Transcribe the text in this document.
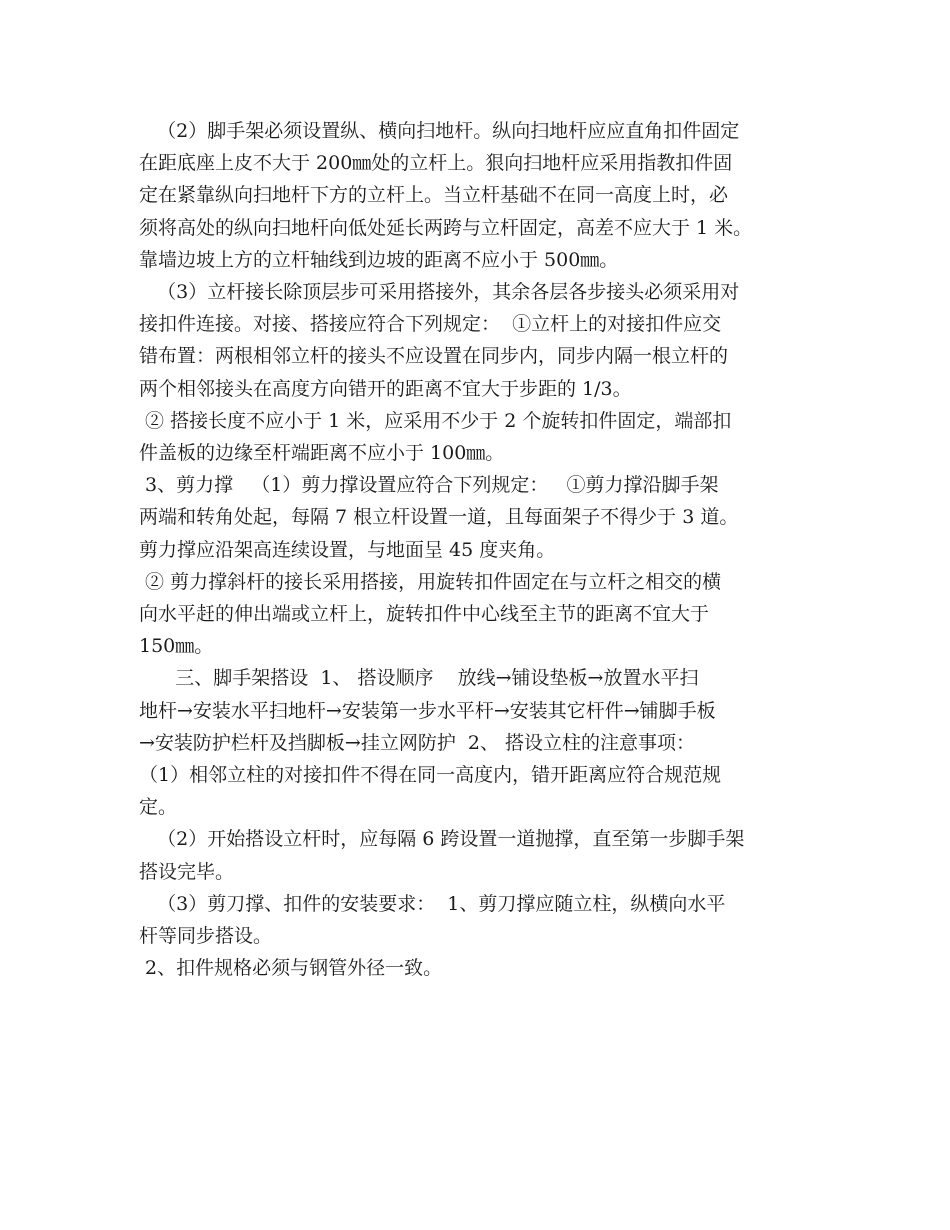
（2）脚手架必须设置纵、横向扫地杆。纵向扫地杆应应直角扣件固定

在距底座上皮不大于 200㎜处的立杆上。狠向扫地杆应采用指教扣件固

定在紧靠纵向扫地杆下方的立杆上。当立杆基础不在同一高度上时，必

须将高处的纵向扫地杆向低处延长两跨与立杆固定，高差不应大于 1 米。

靠墙边坡上方的立杆轴线到边坡的距离不应小于 500㎜。

（3）立杆接长除顶层步可采用搭接外，其余各层各步接头必须采用对

接扣件连接。对接、搭接应符合下列规定：  ①立杆上的对接扣件应交

错布置：两根相邻立杆的接头不应设置在同步内，同步内隔一根立杆的

两个相邻接头在高度方向错开的距离不宜大于步距的 1/3。

② 搭接长度不应小于 1 米，应采用不少于 2 个旋转扣件固定，端部扣

件盖板的边缘至杆端距离不应小于 100㎜。

3、剪力撑   （1）剪力撑设置应符合下列规定：   ①剪力撑沿脚手架

两端和转角处起，每隔 7 根立杆设置一道，且每面架子不得少于 3 道。

剪力撑应沿架高连续设置，与地面呈 45 度夹角。

② 剪力撑斜杆的接长采用搭接，用旋转扣件固定在与立杆之相交的横

向水平赶的伸出端或立杆上，旋转扣件中心线至主节的距离不宜大于

150㎜。

三、脚手架搭设  1、 搭设顺序    放线→铺设垫板→放置水平扫

地杆→安装水平扫地杆→安装第一步水平杆→安装其它杆件→铺脚手板

→安装防护栏杆及挡脚板→挂立网防护  2、 搭设立柱的注意事项：

（1）相邻立柱的对接扣件不得在同一高度内，错开距离应符合规范规

定。

（2）开始搭设立杆时，应每隔 6 跨设置一道抛撑，直至第一步脚手架

搭设完毕。

（3）剪刀撑、扣件的安装要求：  1、剪刀撑应随立柱，纵横向水平

杆等同步搭设。

2、扣件规格必须与钢管外径一致。
